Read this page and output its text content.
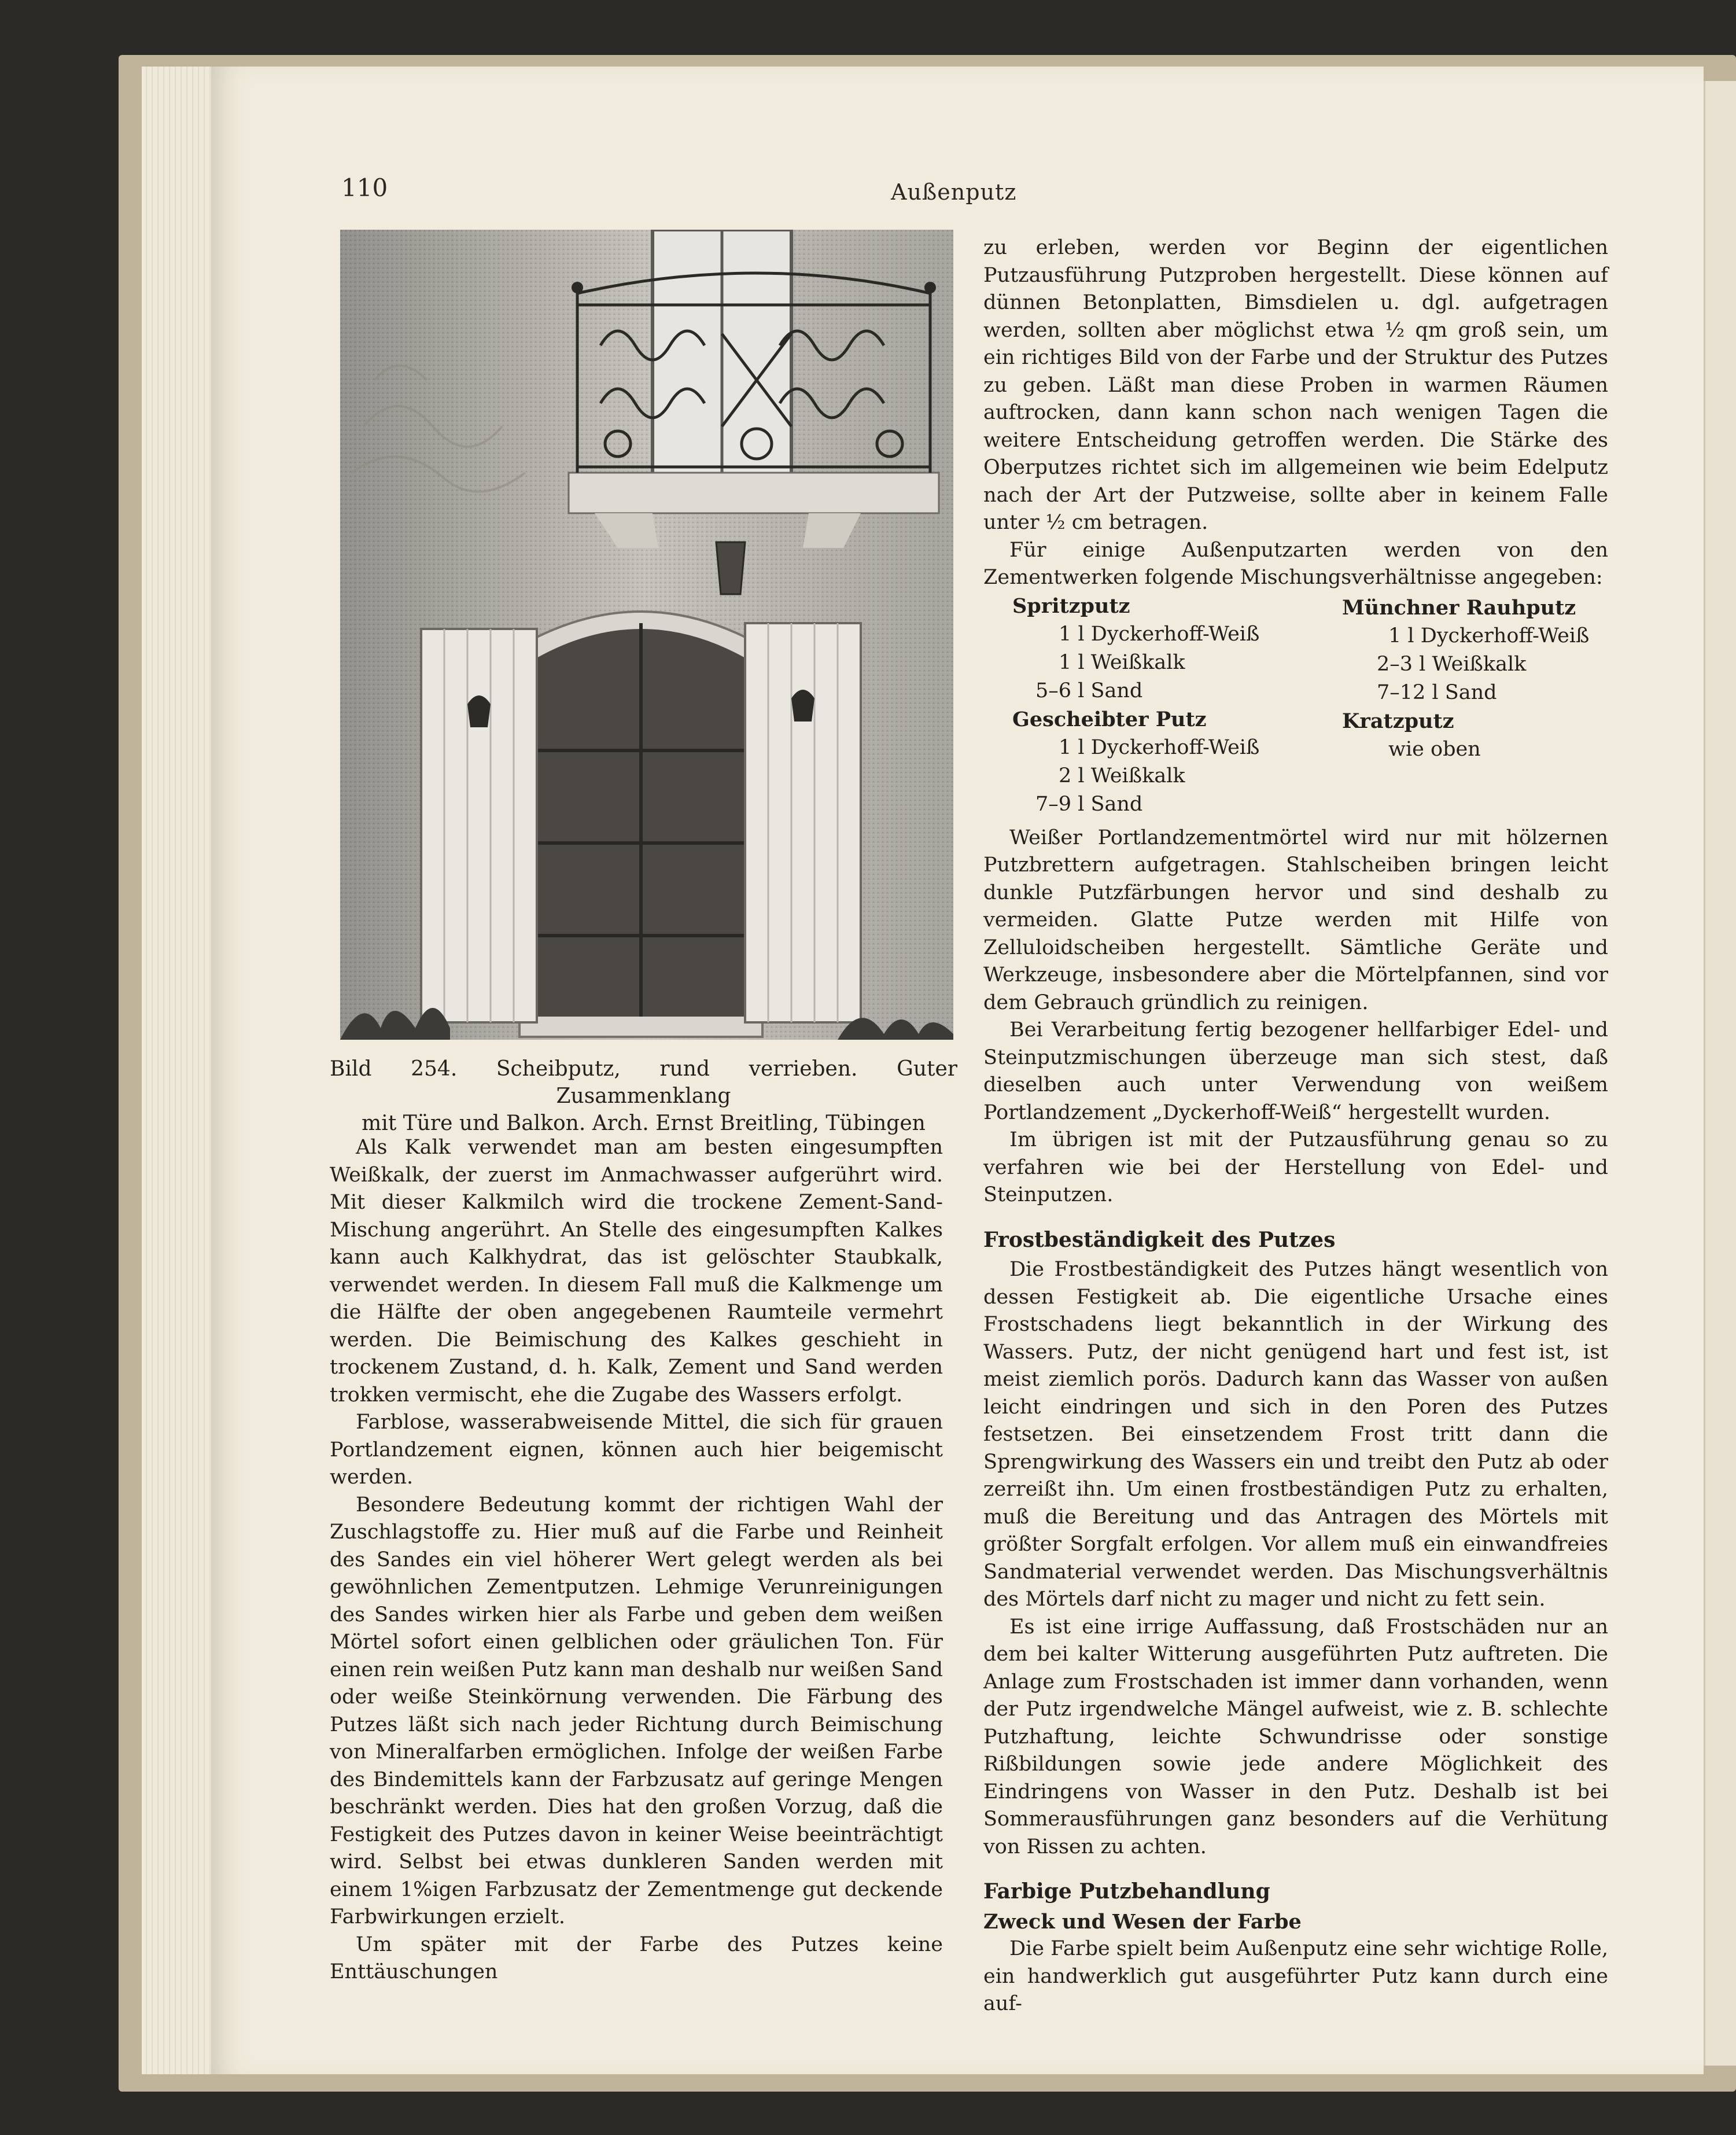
110	Außenputz
Bild 254. Scheibputz, rund verrieben. Guter Zusammenklang
mit Türe und Balkon. Arch. Ernst Breitling, Tübingen

Als Kalk verwendet man am besten eingesumpften Weißkalk, der zuerst im Anmachwasser aufgerührt wird. Mit dieser Kalkmilch wird die trockene Zement-Sand-Mischung angerührt. An Stelle des eingesumpften Kalkes kann auch Kalkhydrat, das ist gelöschter Staubkalk, verwendet werden. In diesem Fall muß die Kalkmenge um die Hälfte der oben angegebenen Raumteile vermehrt werden. Die Beimischung des Kalkes geschieht in trockenem Zustand, d. h. Kalk, Zement und Sand werden trokken vermischt, ehe die Zugabe des Wassers erfolgt.

Farblose, wasserabweisende Mittel, die sich für grauen Portlandzement eignen, können auch hier beigemischt werden.

Besondere Bedeutung kommt der richtigen Wahl der Zuschlagstoffe zu. Hier muß auf die Farbe und Reinheit des Sandes ein viel höherer Wert gelegt werden als bei gewöhnlichen Zementputzen. Lehmige Verunreinigungen des Sandes wirken hier als Farbe und geben dem weißen Mörtel sofort einen gelblichen oder gräulichen Ton. Für einen rein weißen Putz kann man deshalb nur weißen Sand oder weiße Steinkörnung verwenden. Die Färbung des Putzes läßt sich nach jeder Richtung durch Beimischung von Mineralfarben ermöglichen. Infolge der weißen Farbe des Bindemittels kann der Farbzusatz auf geringe Mengen beschränkt werden. Dies hat den großen Vorzug, daß die Festigkeit des Putzes davon in keiner Weise beeinträchtigt wird. Selbst bei etwas dunkleren Sanden werden mit einem 1%igen Farbzusatz der Zementmenge gut deckende Farbwirkungen erzielt.

Um später mit der Farbe des Putzes keine Enttäuschungen

zu erleben, werden vor Beginn der eigentlichen Putzausführung Putzproben hergestellt. Diese können auf dünnen Betonplatten, Bimsdielen u. dgl. aufgetragen werden, sollten aber möglichst etwa ½ qm groß sein, um ein richtiges Bild von der Farbe und der Struktur des Putzes zu geben. Läßt man diese Proben in warmen Räumen auftrocken, dann kann schon nach wenigen Tagen die weitere Entscheidung getroffen werden. Die Stärke des Oberputzes richtet sich im allgemeinen wie beim Edelputz nach der Art der Putzweise, sollte aber in keinem Falle unter ½ cm betragen.

Für einige Außenputzarten werden von den Zementwerken folgende Mischungsverhältnisse angegeben:

Spritzputz
1 l Dyckerhoff-Weiß
1 l Weißkalk
5–6 l Sand
Gescheibter Putz
1 l Dyckerhoff-Weiß
2 l Weißkalk
7–9 l Sand
Münchner Rauhputz
1 l Dyckerhoff-Weiß
2–3 l Weißkalk
7–12 l Sand
Kratzputz
wie oben

Weißer Portlandzementmörtel wird nur mit hölzernen Putzbrettern aufgetragen. Stahlscheiben bringen leicht dunkle Putzfärbungen hervor und sind deshalb zu vermeiden. Glatte Putze werden mit Hilfe von Zelluloidscheiben hergestellt. Sämtliche Geräte und Werkzeuge, insbesondere aber die Mörtelpfannen, sind vor dem Gebrauch gründlich zu reinigen.

Bei Verarbeitung fertig bezogener hellfarbiger Edel- und Steinputzmischungen überzeuge man sich stest, daß dieselben auch unter Verwendung von weißem Portlandzement „Dyckerhoff-Weiß“ hergestellt wurden.

Im übrigen ist mit der Putzausführung genau so zu verfahren wie bei der Herstellung von Edel- und Steinputzen.

Frostbeständigkeit des Putzes

Die Frostbeständigkeit des Putzes hängt wesentlich von dessen Festigkeit ab. Die eigentliche Ursache eines Frostschadens liegt bekanntlich in der Wirkung des Wassers. Putz, der nicht genügend hart und fest ist, ist meist ziemlich porös. Dadurch kann das Wasser von außen leicht eindringen und sich in den Poren des Putzes festsetzen. Bei einsetzendem Frost tritt dann die Sprengwirkung des Wassers ein und treibt den Putz ab oder zerreißt ihn. Um einen frostbeständigen Putz zu erhalten, muß die Bereitung und das Antragen des Mörtels mit größter Sorgfalt erfolgen. Vor allem muß ein einwandfreies Sandmaterial verwendet werden. Das Mischungsverhältnis des Mörtels darf nicht zu mager und nicht zu fett sein.

Es ist eine irrige Auffassung, daß Frostschäden nur an dem bei kalter Witterung ausgeführten Putz auftreten. Die Anlage zum Frostschaden ist immer dann vorhanden, wenn der Putz irgendwelche Mängel aufweist, wie z. B. schlechte Putzhaftung, leichte Schwundrisse oder sonstige Rißbildungen sowie jede andere Möglichkeit des Eindringens von Wasser in den Putz. Deshalb ist bei Sommerausführungen ganz besonders auf die Verhütung von Rissen zu achten.

Farbige Putzbehandlung
Zweck und Wesen der Farbe

Die Farbe spielt beim Außenputz eine sehr wichtige Rolle, ein handwerklich gut ausgeführter Putz kann durch eine auf-
